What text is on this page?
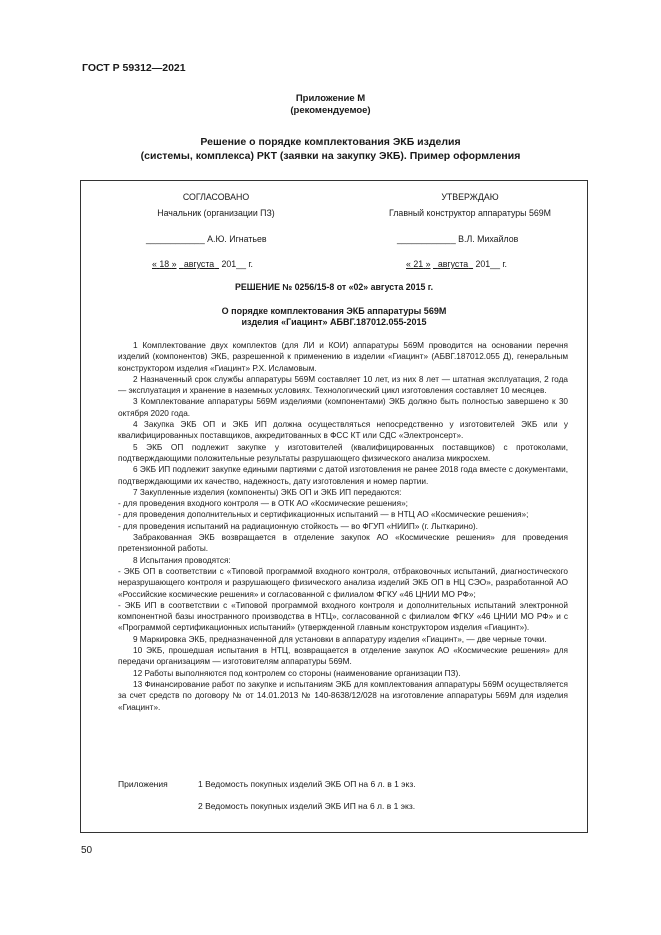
ГОСТ Р 59312—2021
Приложение М
(рекомендуемое)
Решение о порядке комплектования ЭКБ изделия
(системы, комплекса) РКТ (заявки на закупку ЭКБ). Пример оформления
СОГЛАСОВАНО
Начальник (организации ПЗ)
____________ А.Ю. Игнатьев
« 18 » августа 201__ г.
УТВЕРЖДАЮ
Главный конструктор аппаратуры 569М
____________ В.Л. Михайлов
« 21 » августа 201__ г.
РЕШЕНИЕ № 0256/15-8 от «02» августа 2015 г.
О порядке комплектования ЭКБ аппаратуры 569М
изделия «Гиацинт» АБВГ.187012.055-2015

1 Комплектование двух комплектов (для ЛИ и КОИ) аппаратуры 569М проводится на основании перечня изделий (компонентов) ЭКБ, разрешенной к применению в изделии «Гиацинт» (АБВГ.187012.055 Д), генеральным конструктором изделия «Гиацинт» Р.Х. Исламовым.

2 Назначенный срок службы аппаратуры 569М составляет 10 лет, из них 8 лет — штатная эксплуатация, 2 года — эксплуатация и хранение в наземных условиях. Технологический цикл изготовления составляет 10 месяцев.

3 Комплектование аппаратуры 569М изделиями (компонентами) ЭКБ должно быть полностью завершено к 30 октября 2020 года.

4 Закупка ЭКБ ОП и ЭКБ ИП должна осуществляться непосредственно у изготовителей ЭКБ или у квалифицированных поставщиков, аккредитованных в ФСС КТ или СДС «Электронсерт».

5 ЭКБ ОП подлежит закупке у изготовителей (квалифицированных поставщиков) с протоколами, подтверждающими положительные результаты разрушающего физического анализа микросхем.

6 ЭКБ ИП подлежит закупке едиными партиями с датой изготовления не ранее 2018 года вместе с документами, подтверждающими их качество, надежность, дату изготовления и номер партии.

7 Закупленные изделия (компоненты) ЭКБ ОП и ЭКБ ИП передаются:

- для проведения входного контроля — в ОТК АО «Космические решения»;

- для проведения дополнительных и сертификационных испытаний — в НТЦ АО «Космические решения»;

- для проведения испытаний на радиационную стойкость — во ФГУП «НИИП» (г. Лыткарино).

Забракованная ЭКБ возвращается в отделение закупок АО «Космические решения» для проведения претензионной работы.

8 Испытания проводятся:

- ЭКБ ОП в соответствии с «Типовой программой входного контроля, отбраковочных испытаний, диагностического неразрушающего контроля и разрушающего физического анализа изделий ЭКБ ОП в НЦ СЭО», разработанной АО «Российские космические решения» и согласованной с филиалом ФГКУ «46 ЦНИИ МО РФ»;

- ЭКБ ИП в соответствии с «Типовой программой входного контроля и дополнительных испытаний электронной компонентной базы иностранного производства в НТЦ», согласованной с филиалом ФГКУ «46 ЦНИИ МО РФ» и с «Программой сертификационных испытаний» (утвержденной главным конструктором изделия «Гиацинт»).

9 Маркировка ЭКБ, предназначенной для установки в аппаратуру изделия «Гиацинт», — две черные точки.

10 ЭКБ, прошедшая испытания в НТЦ, возвращается в отделение закупок АО «Космические решения» для передачи организациям — изготовителям аппаратуры 569М.

12 Работы выполняются под контролем со стороны (наименование организации ПЗ).

13 Финансирование работ по закупке и испытаниям ЭКБ для комплектования аппаратуры 569М осуществляется за счет средств по договору № от 14.01.2013 № 140-8638/12/028 на изготовление аппаратуры 569М для изделия «Гиацинт».

Приложения	1 Ведомость покупных изделий ЭКБ ОП на 6 л. в 1 экз.
2 Ведомость покупных изделий ЭКБ ИП на 6 л. в 1 экз.
50
